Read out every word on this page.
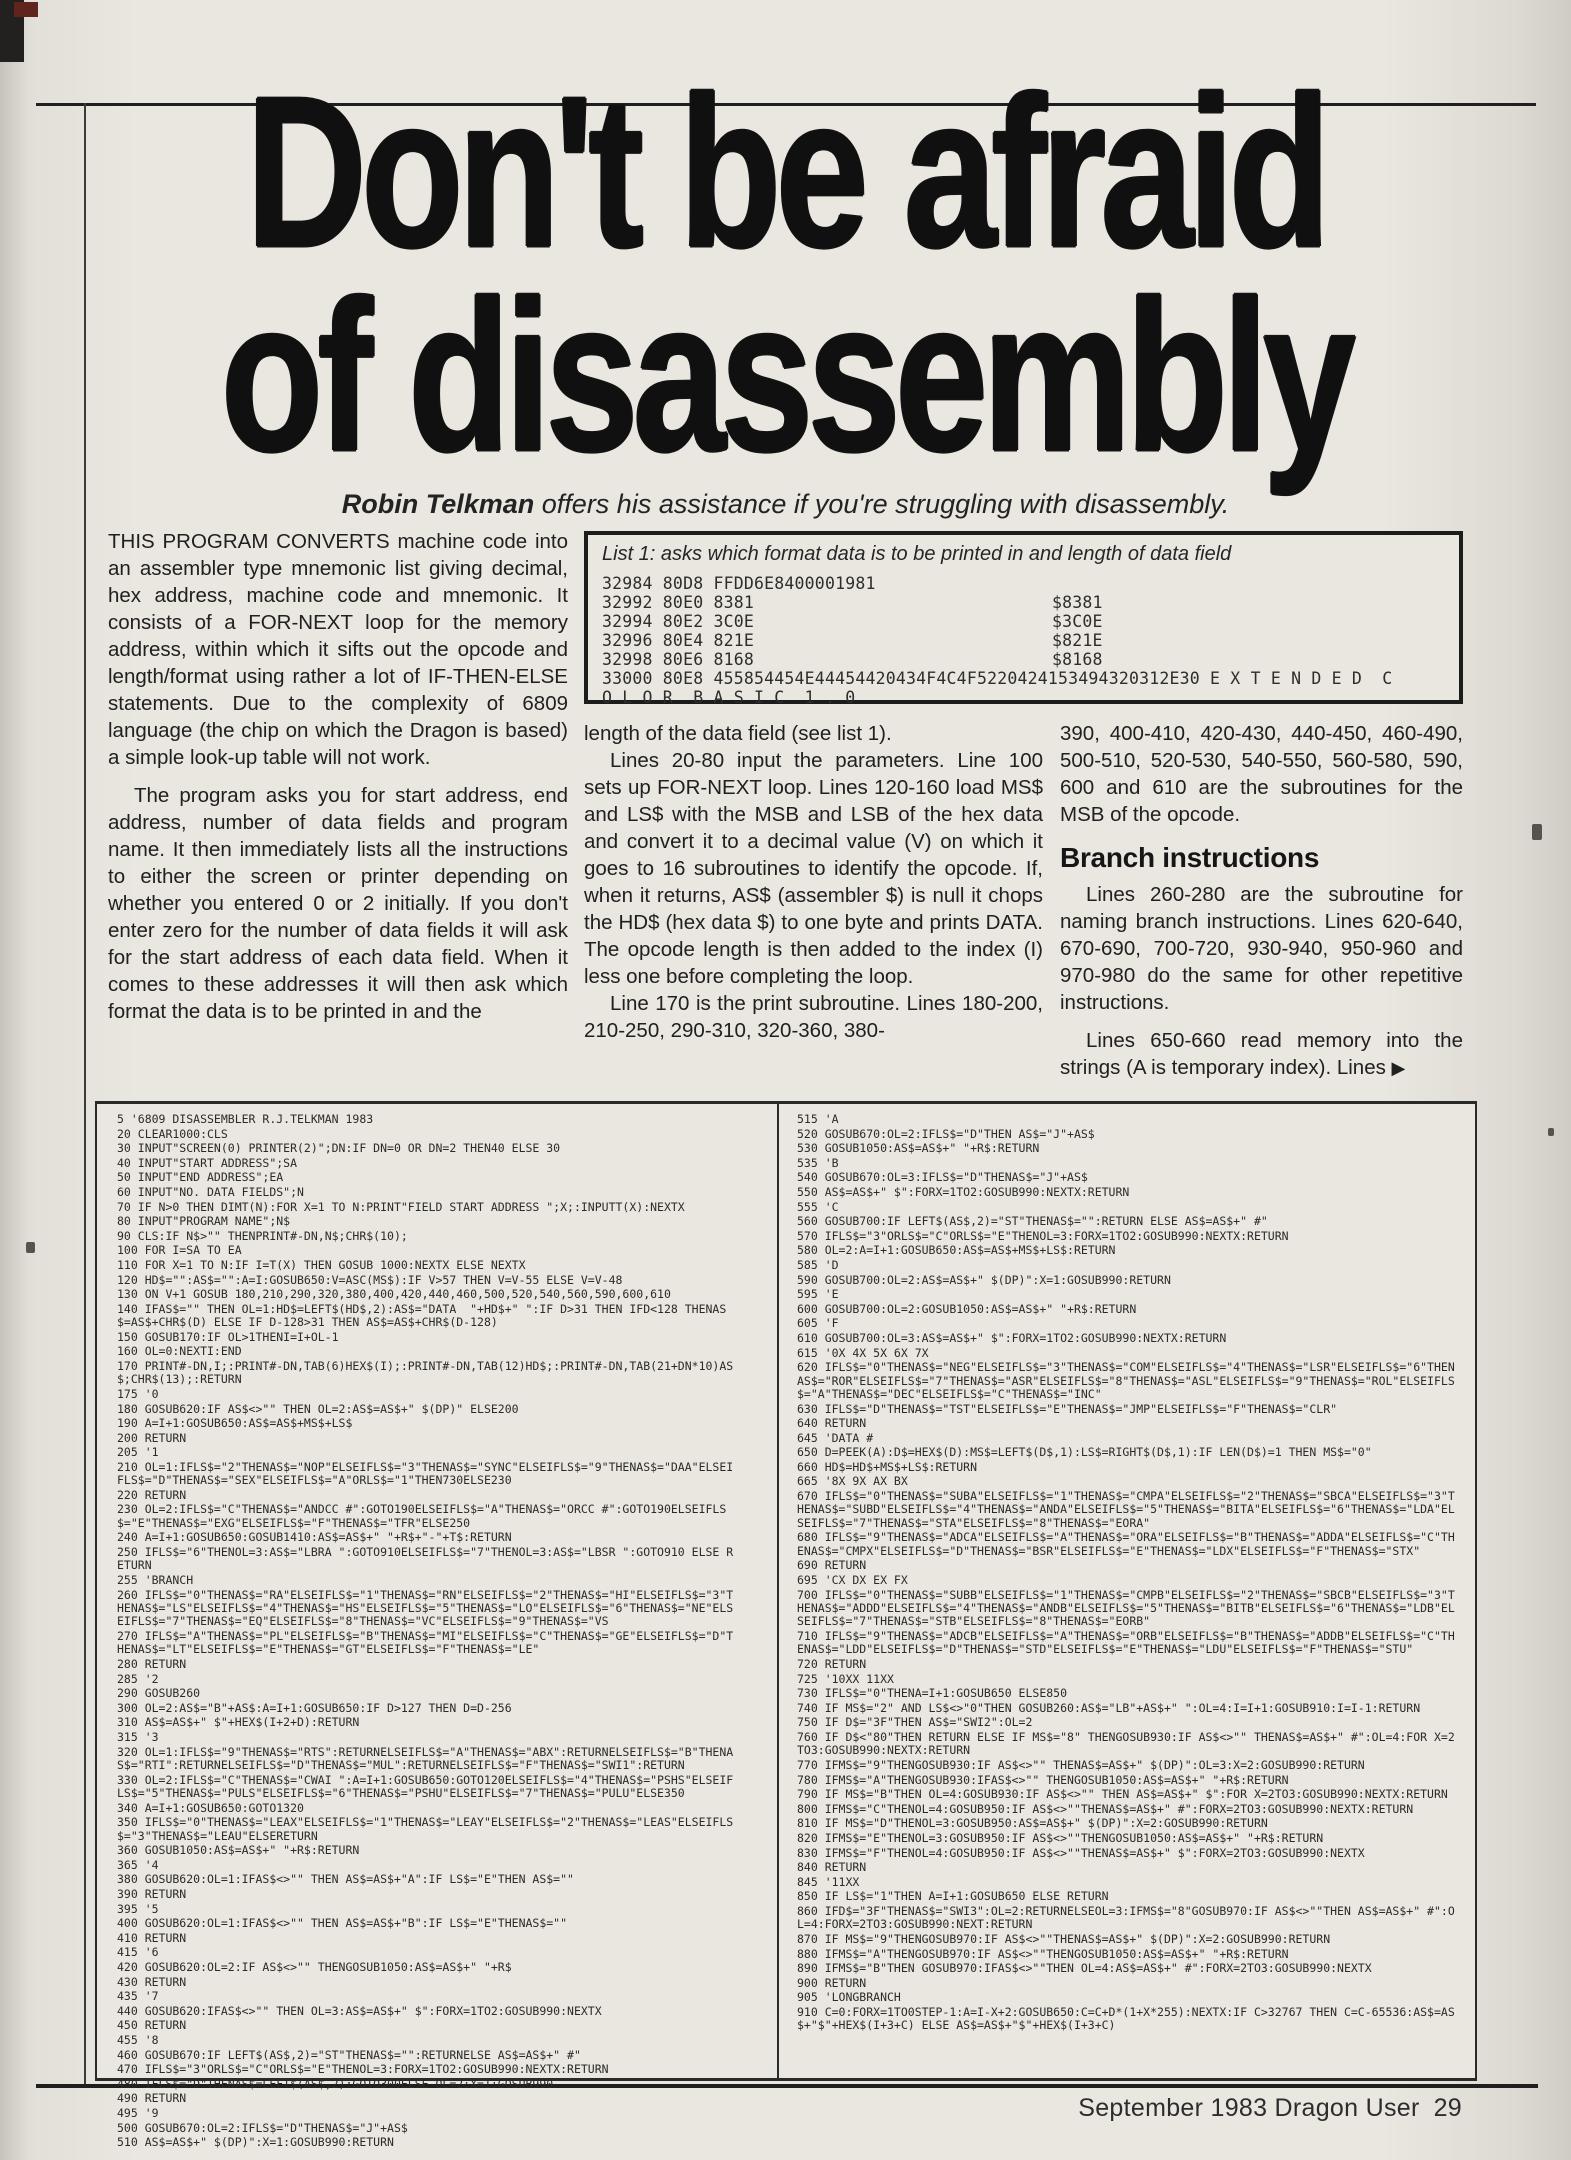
Don't be afraid
of disassembly
Robin Telkman offers his assistance if you're struggling with disassembly.

THIS PROGRAM CONVERTS machine code into an assembler type mnemonic list giving decimal, hex address, machine code and mnemonic. It consists of a FOR-NEXT loop for the memory address, within which it sifts out the opcode and length/format using rather a lot of IF-THEN-ELSE statements. Due to the complexity of 6809 language (the chip on which the Dragon is based) a simple look-up table will not work.

The program asks you for start address, end address, number of data fields and program name. It then immediately lists all the instructions to either the screen or printer depending on whether you entered 0 or 2 initially. If you don't enter zero for the number of data fields it will ask for the start address of each data field. When it comes to these addresses it will then ask which format the data is to be printed in and the

List 1: asks which format data is to be printed in and length of data field

32984 80D8 FFDD6E8400001981
32992 80E0 8381	$8381
32994 80E2 3C0E	$3C0E
32996 80E4 821E	$821E
32998 80E6 8168	$8168
33000 80E8 455854454E44454420434F4C4F5220424153494320312E30 E X T E N D E D  C
O L O R  B A S I C  1 . 0

length of the data field (see list 1).

Lines 20-80 input the parameters. Line 100 sets up FOR-NEXT loop. Lines 120-160 load MS$ and LS$ with the MSB and LSB of the hex data and convert it to a decimal value (V) on which it goes to 16 subroutines to identify the opcode. If, when it returns, AS$ (assembler $) is null it chops the HD$ (hex data $) to one byte and prints DATA. The opcode length is then added to the index (I) less one before completing the loop.

Line 170 is the print subroutine. Lines 180-200, 210-250, 290-310, 320-360, 380-

390, 400-410, 420-430, 440-450, 460-490, 500-510, 520-530, 540-550, 560-580, 590, 600 and 610 are the subroutines for the MSB of the opcode.

Branch instructions

Lines 260-280 are the subroutine for naming branch instructions. Lines 620-640, 670-690, 700-720, 930-940, 950-960 and 970-980 do the same for other repetitive instructions.

Lines 650-660 read memory into the strings (A is temporary index). Lines ▶

5 '6809 DISASSEMBLER R.J.TELKMAN 1983
20 CLEAR1000:CLS
30 INPUT"SCREEN(0) PRINTER(2)";DN:IF DN=0 OR DN=2 THEN40 ELSE 30
40 INPUT"START ADDRESS";SA
50 INPUT"END ADDRESS";EA
60 INPUT"NO. DATA FIELDS";N
70 IF N>0 THEN DIMT(N):FOR X=1 TO N:PRINT"FIELD START ADDRESS ";X;:INPUTT(X):NEXTX
80 INPUT"PROGRAM NAME";N$
90 CLS:IF N$>"" THENPRINT#-DN,N$;CHR$(10);
100 FOR I=SA TO EA
110 FOR X=1 TO N:IF I=T(X) THEN GOSUB 1000:NEXTX ELSE NEXTX
120 HD$="":AS$="":A=I:GOSUB650:V=ASC(MS$):IF V>57 THEN V=V-55 ELSE V=V-48
130 ON V+1 GOSUB 180,210,290,320,380,400,420,440,460,500,520,540,560,590,600,610
140 IFAS$="" THEN OL=1:HD$=LEFT$(HD$,2):AS$="DATA  "+HD$+" ":IF D>31 THEN IFD<128 THENAS$=AS$+CHR$(D) ELSE IF D-128>31 THEN AS$=AS$+CHR$(D-128)
150 GOSUB170:IF OL>1THENI=I+OL-1
160 OL=0:NEXTI:END
170 PRINT#-DN,I;:PRINT#-DN,TAB(6)HEX$(I);:PRINT#-DN,TAB(12)HD$;:PRINT#-DN,TAB(21+DN*10)AS$;CHR$(13);:RETURN
175 '0
180 GOSUB620:IF AS$<>"" THEN OL=2:AS$=AS$+" $(DP)" ELSE200
190 A=I+1:GOSUB650:AS$=AS$+MS$+LS$
200 RETURN
205 '1
210 OL=1:IFLS$="2"THENAS$="NOP"ELSEIFLS$="3"THENAS$="SYNC"ELSEIFLS$="9"THENAS$="DAA"ELSEIFLS$="D"THENAS$="SEX"ELSEIFLS$="A"ORLS$="1"THEN730ELSE230
220 RETURN
230 OL=2:IFLS$="C"THENAS$="ANDCC #":GOTO190ELSEIFLS$="A"THENAS$="ORCC #":GOTO190ELSEIFLS$="E"THENAS$="EXG"ELSEIFLS$="F"THENAS$="TFR"ELSE250
240 A=I+1:GOSUB650:GOSUB1410:AS$=AS$+" "+R$+"-"+T$:RETURN
250 IFLS$="6"THENOL=3:AS$="LBRA ":GOTO910ELSEIFLS$="7"THENOL=3:AS$="LBSR ":GOTO910 ELSE RETURN
255 'BRANCH
260 IFLS$="0"THENAS$="RA"ELSEIFLS$="1"THENAS$="RN"ELSEIFLS$="2"THENAS$="HI"ELSEIFLS$="3"THENAS$="LS"ELSEIFLS$="4"THENAS$="HS"ELSEIFLS$="5"THENAS$="LO"ELSEIFLS$="6"THENAS$="NE"ELSEIFLS$="7"THENAS$="EQ"ELSEIFLS$="8"THENAS$="VC"ELSEIFLS$="9"THENAS$="VS
270 IFLS$="A"THENAS$="PL"ELSEIFLS$="B"THENAS$="MI"ELSEIFLS$="C"THENAS$="GE"ELSEIFLS$="D"THENAS$="LT"ELSEIFLS$="E"THENAS$="GT"ELSEIFLS$="F"THENAS$="LE"
280 RETURN
285 '2
290 GOSUB260
300 OL=2:AS$="B"+AS$:A=I+1:GOSUB650:IF D>127 THEN D=D-256
310 AS$=AS$+" $"+HEX$(I+2+D):RETURN
315 '3
320 OL=1:IFLS$="9"THENAS$="RTS":RETURNELSEIFLS$="A"THENAS$="ABX":RETURNELSEIFLS$="B"THENAS$="RTI":RETURNELSEIFLS$="D"THENAS$="MUL":RETURNELSEIFLS$="F"THENAS$="SWI1":RETURN
330 OL=2:IFLS$="C"THENAS$="CWAI ":A=I+1:GOSUB650:GOTO120ELSEIFLS$="4"THENAS$="PSHS"ELSEIFLS$="5"THENAS$="PULS"ELSEIFLS$="6"THENAS$="PSHU"ELSEIFLS$="7"THENAS$="PULU"ELSE350
340 A=I+1:GOSUB650:GOTO1320
350 IFLS$="0"THENAS$="LEAX"ELSEIFLS$="1"THENAS$="LEAY"ELSEIFLS$="2"THENAS$="LEAS"ELSEIFLS$="3"THENAS$="LEAU"ELSERETURN
360 GOSUB1050:AS$=AS$+" "+R$:RETURN
365 '4
380 GOSUB620:OL=1:IFAS$<>"" THEN AS$=AS$+"A":IF LS$="E"THEN AS$=""
390 RETURN
395 '5
400 GOSUB620:OL=1:IFAS$<>"" THEN AS$=AS$+"B":IF LS$="E"THENAS$=""
410 RETURN
415 '6
420 GOSUB620:OL=2:IF AS$<>"" THENGOSUB1050:AS$=AS$+" "+R$
430 RETURN
435 '7
440 GOSUB620:IFAS$<>"" THEN OL=3:AS$=AS$+" $":FORX=1TO2:GOSUB990:NEXTX
450 RETURN
455 '8
460 GOSUB670:IF LEFT$(AS$,2)="ST"THENAS$="":RETURNELSE AS$=AS$+" #"
470 IFLS$="3"ORLS$="C"ORLS$="E"THENOL=3:FORX=1TO2:GOSUB990:NEXTX:RETURN
480 IFLS$="D"THENAS$=LEFT$(AS$,2):GOTO300ELSE OL=2:X=1:GOSUB990
490 RETURN
495 '9
500 GOSUB670:OL=2:IFLS$="D"THENAS$="J"+AS$
510 AS$=AS$+" $(DP)":X=1:GOSUB990:RETURN
515 'A
520 GOSUB670:OL=2:IFLS$="D"THEN AS$="J"+AS$
530 GOSUB1050:AS$=AS$+" "+R$:RETURN
535 'B
540 GOSUB670:OL=3:IFLS$="D"THENAS$="J"+AS$
550 AS$=AS$+" $":FORX=1TO2:GOSUB990:NEXTX:RETURN
555 'C
560 GOSUB700:IF LEFT$(AS$,2)="ST"THENAS$="":RETURN ELSE AS$=AS$+" #"
570 IFLS$="3"ORLS$="C"ORLS$="E"THENOL=3:FORX=1TO2:GOSUB990:NEXTX:RETURN
580 OL=2:A=I+1:GOSUB650:AS$=AS$+MS$+LS$:RETURN
585 'D
590 GOSUB700:OL=2:AS$=AS$+" $(DP)":X=1:GOSUB990:RETURN
595 'E
600 GOSUB700:OL=2:GOSUB1050:AS$=AS$+" "+R$:RETURN
605 'F
610 GOSUB700:OL=3:AS$=AS$+" $":FORX=1TO2:GOSUB990:NEXTX:RETURN
615 '0X 4X 5X 6X 7X
620 IFLS$="0"THENAS$="NEG"ELSEIFLS$="3"THENAS$="COM"ELSEIFLS$="4"THENAS$="LSR"ELSEIFLS$="6"THENAS$="ROR"ELSEIFLS$="7"THENAS$="ASR"ELSEIFLS$="8"THENAS$="ASL"ELSEIFLS$="9"THENAS$="ROL"ELSEIFLS$="A"THENAS$="DEC"ELSEIFLS$="C"THENAS$="INC"
630 IFLS$="D"THENAS$="TST"ELSEIFLS$="E"THENAS$="JMP"ELSEIFLS$="F"THENAS$="CLR"
640 RETURN
645 'DATA #
650 D=PEEK(A):D$=HEX$(D):MS$=LEFT$(D$,1):LS$=RIGHT$(D$,1):IF LEN(D$)=1 THEN MS$="0"
660 HD$=HD$+MS$+LS$:RETURN
665 '8X 9X AX BX
670 IFLS$="0"THENAS$="SUBA"ELSEIFLS$="1"THENAS$="CMPA"ELSEIFLS$="2"THENAS$="SBCA"ELSEIFLS$="3"THENAS$="SUBD"ELSEIFLS$="4"THENAS$="ANDA"ELSEIFLS$="5"THENAS$="BITA"ELSEIFLS$="6"THENAS$="LDA"ELSEIFLS$="7"THENAS$="STA"ELSEIFLS$="8"THENAS$="EORA"
680 IFLS$="9"THENAS$="ADCA"ELSEIFLS$="A"THENAS$="ORA"ELSEIFLS$="B"THENAS$="ADDA"ELSEIFLS$="C"THENAS$="CMPX"ELSEIFLS$="D"THENAS$="BSR"ELSEIFLS$="E"THENAS$="LDX"ELSEIFLS$="F"THENAS$="STX"
690 RETURN
695 'CX DX EX FX
700 IFLS$="0"THENAS$="SUBB"ELSEIFLS$="1"THENAS$="CMPB"ELSEIFLS$="2"THENAS$="SBCB"ELSEIFLS$="3"THENAS$="ADDD"ELSEIFLS$="4"THENAS$="ANDB"ELSEIFLS$="5"THENAS$="BITB"ELSEIFLS$="6"THENAS$="LDB"ELSEIFLS$="7"THENAS$="STB"ELSEIFLS$="8"THENAS$="EORB"
710 IFLS$="9"THENAS$="ADCB"ELSEIFLS$="A"THENAS$="ORB"ELSEIFLS$="B"THENAS$="ADDB"ELSEIFLS$="C"THENAS$="LDD"ELSEIFLS$="D"THENAS$="STD"ELSEIFLS$="E"THENAS$="LDU"ELSEIFLS$="F"THENAS$="STU"
720 RETURN
725 '10XX 11XX
730 IFLS$="0"THENA=I+1:GOSUB650 ELSE850
740 IF MS$="2" AND LS$<>"0"THEN GOSUB260:AS$="LB"+AS$+" ":OL=4:I=I+1:GOSUB910:I=I-1:RETURN
750 IF D$="3F"THEN AS$="SWI2":OL=2
760 IF D$<"80"THEN RETURN ELSE IF MS$="8" THENGOSUB930:IF AS$<>"" THENAS$=AS$+" #":OL=4:FOR X=2TO3:GOSUB990:NEXTX:RETURN
770 IFMS$="9"THENGOSUB930:IF AS$<>"" THENAS$=AS$+" $(DP)":OL=3:X=2:GOSUB990:RETURN
780 IFMS$="A"THENGOSUB930:IFAS$<>"" THENGOSUB1050:AS$=AS$+" "+R$:RETURN
790 IF MS$="B"THEN OL=4:GOSUB930:IF AS$<>"" THEN AS$=AS$+" $":FOR X=2TO3:GOSUB990:NEXTX:RETURN
800 IFMS$="C"THENOL=4:GOSUB950:IF AS$<>""THENAS$=AS$+" #":FORX=2TO3:GOSUB990:NEXTX:RETURN
810 IF MS$="D"THENOL=3:GOSUB950:AS$=AS$+" $(DP)":X=2:GOSUB990:RETURN
820 IFMS$="E"THENOL=3:GOSUB950:IF AS$<>""THENGOSUB1050:AS$=AS$+" "+R$:RETURN
830 IFMS$="F"THENOL=4:GOSUB950:IF AS$<>""THENAS$=AS$+" $":FORX=2TO3:GOSUB990:NEXTX
840 RETURN
845 '11XX
850 IF LS$="1"THEN A=I+1:GOSUB650 ELSE RETURN
860 IFD$="3F"THENAS$="SWI3":OL=2:RETURNELSEOL=3:IFMS$="8"GOSUB970:IF AS$<>""THEN AS$=AS$+" #":OL=4:FORX=2TO3:GOSUB990:NEXT:RETURN
870 IF MS$="9"THENGOSUB970:IF AS$<>""THENAS$=AS$+" $(DP)":X=2:GOSUB990:RETURN
880 IFMS$="A"THENGOSUB970:IF AS$<>""THENGOSUB1050:AS$=AS$+" "+R$:RETURN
890 IFMS$="B"THEN GOSUB970:IFAS$<>""THEN OL=4:AS$=AS$+" #":FORX=2TO3:GOSUB990:NEXTX
900 RETURN
905 'LONGBRANCH
910 C=0:FORX=1TO0STEP-1:A=I-X+2:GOSUB650:C=C+D*(1+X*255):NEXTX:IF C>32767 THEN C=C-65536:AS$=AS$+"$"+HEX$(I+3+C) ELSE AS$=AS$+"$"+HEX$(I+3+C)
September 1983 Dragon User 29
